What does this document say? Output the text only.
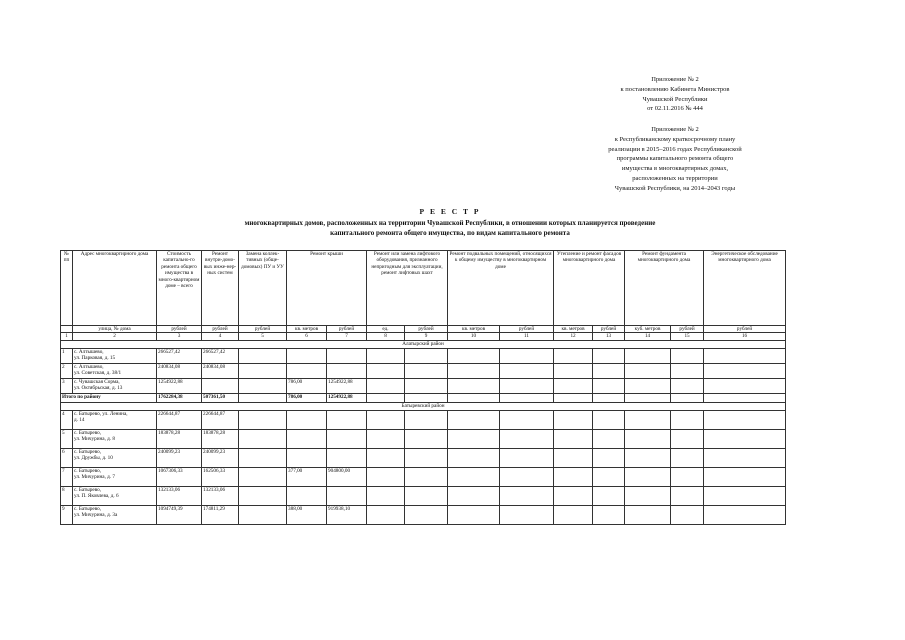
Приложение № 2
к постановлению Кабинета Министров
Чувашской Республики
от 02.11.2016 № 444
Приложение № 2
к Республиканскому краткосрочному плану
реализации в 2015–2016 годах Республиканской
программы капитального ремонта общего
имущества в многоквартирных домах,
расположенных на территории
Чувашской Республики, на 2014–2043 годы
Р Е Е С Т Р
многоквартирных домов, расположенных на территории Чувашской Республики, в отношении которых планируется проведение
капитального ремонта общего имущества, по видам капитального ремонта
№ пп	Адрес многоквартирного дома	Стоимость капитально-го ремонта общего имущества в много-квартирном доме – всего	Ремонт внутри-домо-вых инже-нер-ных систем	Замена коллек-тивных (обще-домовых) ПУ и УУ	Ремонт крыши		Ремонт или замена лифтового оборудования, признанного непригодным для эксплуатации, ремонт лифтовых шахт		Ремонт подвальных помещений, относящихся к общему имуществу в многоквартирном доме		Утепление и ремонт фасадов многоквартирного дома		Ремонт фундамента многоквартирного дома		Энергетическое обследование многоквартирного дома
	улица, № дома	рублей	рублей	рублей	кв. метров	рублей	ед.	рублей	кв. метров	рублей	кв. метров	рублей	куб. метров	рублей	рублей
1	2	3	4	5	6	7	8	9	10	11	12	13	14	15	16
Алатырский район															
1	с. Алтышево,
ул. Парковая, д. 15	266527,42	266527,42												
2	с. Алтышево,
ул. Советская, д. 38/1	240834,08	240834,08												
3	с. Чувашская Сорма,
ул. Октябрьская, д. 13	1254922,88			786,00	1254922,88									
Итого по району		1762284,38	507361,50		786,00	1254922,88									
Батыревский район															
4	с. Батырево, ул. Ленина,
д. 14	226644,87	226644,87												
5	с. Батырево,
ул. Мичурина, д. 8	183878,28	183878,28												
6	с. Батырево,
ул. Дружбы, д. 10	240099,23	240099,23												
7	с. Батырево,
ул. Мичурина, д. 7	1067306,33	162506,33		377,00	904800,00									
8	с. Батырево,
ул. П. Яковлева, д. 6	132133,06	132133,06												
9	с. Батырево,
ул. Мичурина, д. 3а	1094749,39	174811,29		388,00	919938,10									
